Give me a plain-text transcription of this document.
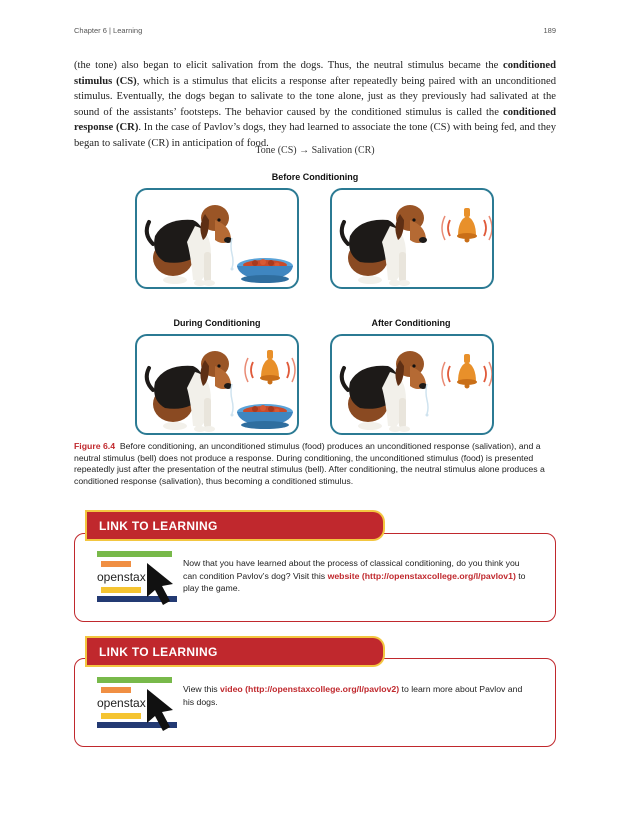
Chapter 6 | Learning	189
(the tone) also began to elicit salivation from the dogs. Thus, the neutral stimulus became the conditioned stimulus (CS), which is a stimulus that elicits a response after repeatedly being paired with an unconditioned stimulus. Eventually, the dogs began to salivate to the tone alone, just as they previously had salivated at the sound of the assistants’ footsteps. The behavior caused by the conditioned stimulus is called the conditioned response (CR). In the case of Pavlov’s dogs, they had learned to associate the tone (CS) with being fed, and they began to salivate (CR) in anticipation of food.
Tone (CS) → Salivation (CR)
Before Conditioning
During Conditioning	After Conditioning
Figure 6.4 Before conditioning, an unconditioned stimulus (food) produces an unconditioned response (salivation), and a neutral stimulus (bell) does not produce a response. During conditioning, the unconditioned stimulus (food) is presented repeatedly just after the presentation of the neutral stimulus (bell). After conditioning, the neutral stimulus alone produces a conditioned response (salivation), thus becoming a conditioned stimulus.
LINK TO LEARNING
Now that you have learned about the process of classical conditioning, do you think you can condition Pavlov’s dog? Visit this website (http://openstaxcollege.org/l/pavlov1) to play the game.
LINK TO LEARNING
View this video (http://openstaxcollege.org/l/pavlov2) to learn more about Pavlov and his dogs.
